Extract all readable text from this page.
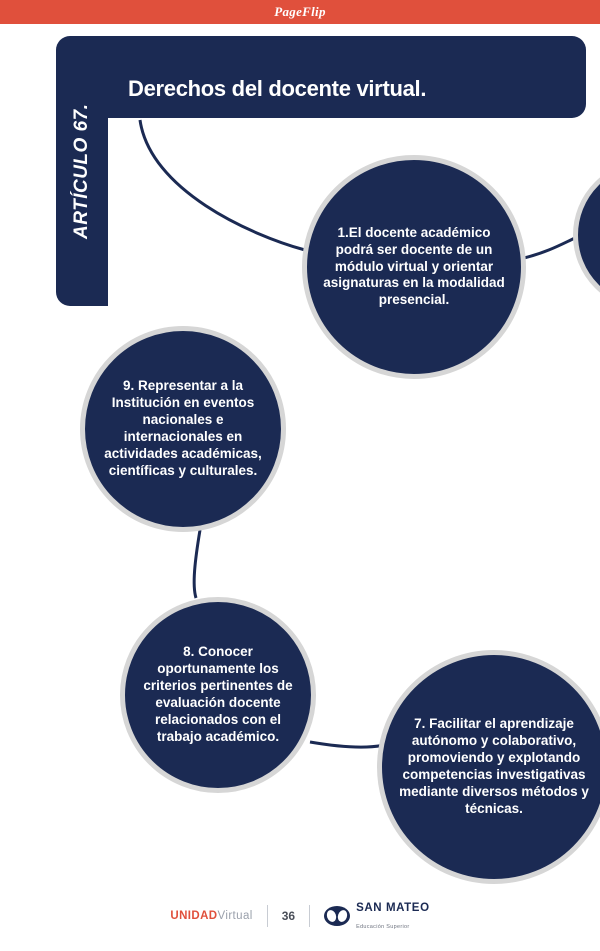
PageFlip
ARTÍCULO 67.
Derechos del docente virtual.
1.El docente académico podrá ser docente de un módulo virtual y orientar asignaturas en la modalidad presencial.
9. Representar a la Institución en eventos nacionales e internacionales en actividades académicas, científicas y culturales.
8. Conocer oportunamente los criterios pertinentes de evaluación docente relacionados con el trabajo académico.
7. Facilitar el aprendizaje autónomo y colaborativo, promoviendo y explotando competencias investigativas mediante diversos métodos y técnicas.
UNIDADVirtual 36
SAN MATEO
Educación Superior
